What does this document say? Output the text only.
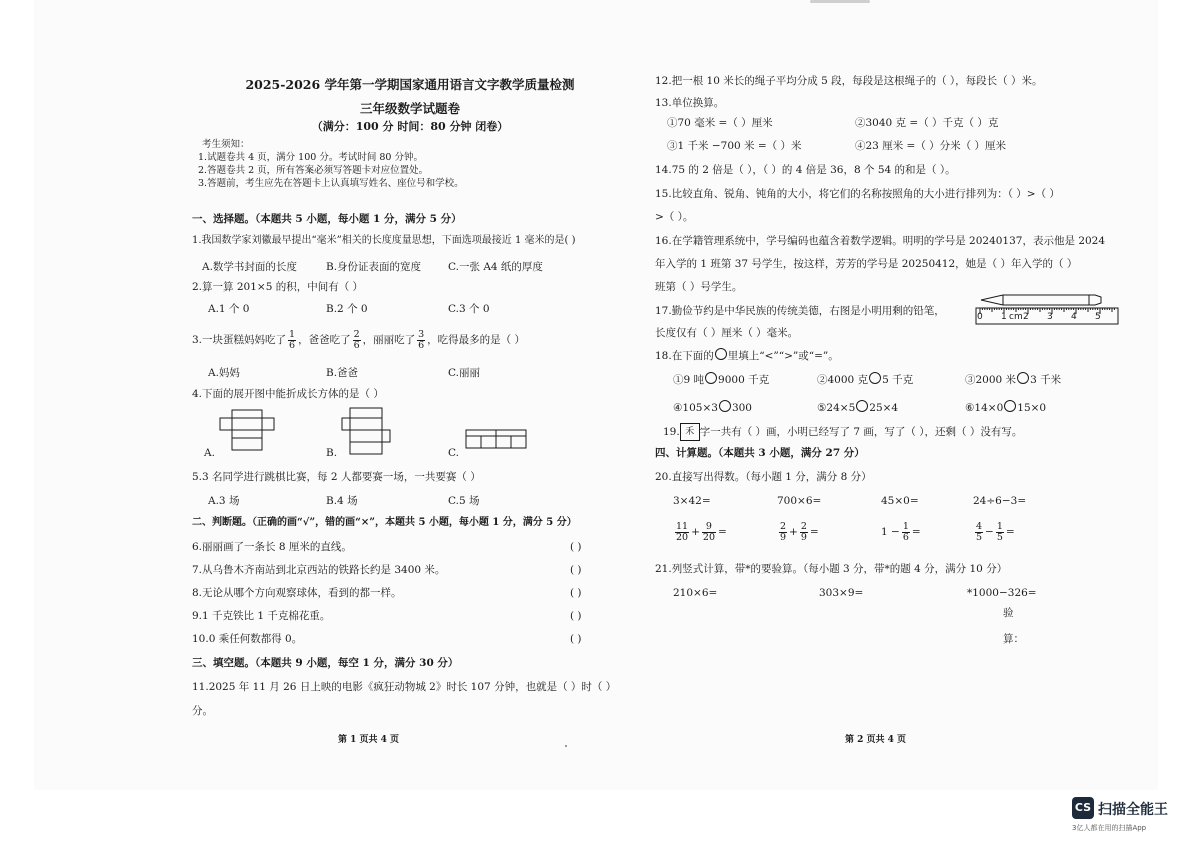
2025-2026 学年第一学期国家通用语言文字教学质量检测
三年级数学试题卷
（满分：100 分 时间：80 分钟 闭卷）
考生须知：
1.试题卷共 4 页，满分 100 分。考试时间 80 分钟。
2.答题卷共 2 页，所有答案必须写答题卡对应位置处。
3.答题前，考生应先在答题卡上认真填写姓名、座位号和学校。
一、选择题。（本题共 5 小题，每小题 1 分，满分 5 分）
1.我国数学家刘徽最早提出“毫米”相关的长度度量思想，下面选项最接近 1 毫米的是( )
A.数学书封面的长度	B.身份证表面的宽度	C.一张 A4 纸的厚度
2.算一算 201×5 的积，中间有（ ）
A.1 个 0	B.2 个 0	C.3 个 0
3.一块蛋糕妈妈吃了 $\frac{1}{6}$ ，爸爸吃了 $\frac{2}{6}$ ，丽丽吃了 $\frac{3}{6}$ ，吃得最多的是（ ）
A.妈妈	B.爸爸	C.丽丽
4.下面的展开图中能折成长方体的是（ ）
A.	B.	C.
5.3 名同学进行跳棋比赛，每 2 人都要赛一场，一共要赛（ ）
A.3 场	B.4 场	C.5 场
二、判断题。（正确的画“√”，错的画“×”，本题共 5 小题，每小题 1 分，满分 5 分）
6.丽丽画了一条长 8 厘米的直线。	( )
7.从乌鲁木齐南站到北京西站的铁路长约是 3400 米。	( )
8.无论从哪个方向观察球体，看到的都一样。	( )
9.1 千克铁比 1 千克棉花重。	( )
10.0 乘任何数都得 0。	( )
三、填空题。（本题共 9 小题，每空 1 分，满分 30 分）
11.2025 年 11 月 26 日上映的电影《疯狂动物城 2》时长 107 分钟，也就是（ ）时（ ）
分。
第 1 页共 4 页
12.把一根 10 米长的绳子平均分成 5 段，每段是这根绳子的（ ），每段长（ ）米。
13.单位换算。
①70 毫米 =（ ）厘米	②3040 克 =（ ）千克（ ）克
③1 千米 −700 米 =（ ）米	④23 厘米 =（ ）分米（ ）厘米
14.75 的 2 倍是（ ），（ ）的 4 倍是 36，8 个 54 的和是（ ）。
15.比较直角、锐角、钝角的大小，将它们的名称按照角的大小进行排列为：（ ）>（ ）
>（ ）。
16.在学籍管理系统中，学号编码也蕴含着数学逻辑。明明的学号是 20240137，表示他是 2024
年入学的 1 班第 37 号学生，按这样，芳芳的学号是 20250412，她是（ ）年入学的（ ）
班第（ ）号学生。
17.勤俭节约是中华民族的传统美德，右图是小明用剩的铅笔，
长度仅有（ ）厘米（ ）毫米。
18.在下面的 里填上“<”“>”或“=”。
①9 吨 9000 千克	②4000 克 5 千克	③2000 米 3 千米
④105×3 300	⑤24×5 25×4	⑥14×0 15×0
19. 禾 字一共有（ ）画，小明已经写了 7 画，写了（ ），还剩（ ）没有写。
四、计算题。（本题共 3 小题，满分 27 分）
20.直接写出得数。（每小题 1 分，满分 8 分）
3×42=	700×6=	45×0=	24÷6−3=
$\frac{11}{20} + \frac{9}{20}$ =	$\frac{2}{9} + \frac{2}{9}$ =	$1 - \frac{1}{6}$ =	$\frac{4}{5} - \frac{1}{5}$ =
21.列竖式计算，带*的要验算。（每小题 3 分，带*的题 4 分，满分 10 分）
210×6=	303×9=	*1000−326=
验
算：
第 2 页共 4 页
0 1 cm 2 3 4 5
CS 扫描全能王
3亿人都在用的扫描App
